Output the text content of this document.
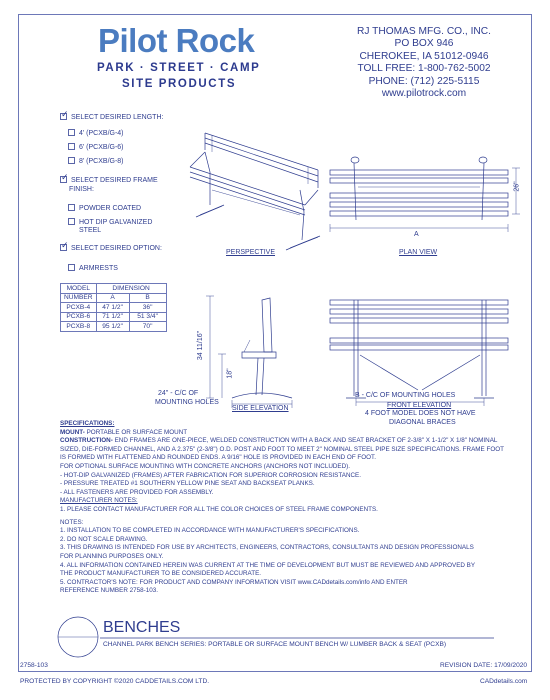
Pilot Rock
PARK · STREET · CAMP
SITE PRODUCTS
RJ THOMAS MFG. CO., INC.
PO BOX 946
CHEROKEE, IA 51012-0946
TOLL FREE: 1-800-762-5002
PHONE: (712) 225-5115
www.pilotrock.com
✓SELECT DESIRED LENGTH:
4' (PCXB/G-4)
6' (PCXB/G-6)
8' (PCXB/G-8)
✓SELECT DESIRED FRAME
FINISH:
POWDER COATED
HOT DIP GALVANIZED
STEEL
✓SELECT DESIRED OPTION:
ARMRESTS
MODEL	DIMENSION	
NUMBER	A	B
PCXB-4	47 1/2"	36"
PCXB-6	71 1/2"	51 3/4"
PCXB-8	95 1/2"	70"
PERSPECTIVE	PLAN VIEW
A
26"
34 11/16"
18"
24" - C/C OF
MOUNTING HOLES
SIDE ELEVATION
B - C/C OF MOUNTING HOLES
FRONT ELEVATION
4 FOOT MODEL DOES NOT HAVE
DIAGONAL BRACES
SPECIFICATIONS:
MOUNT- PORTABLE OR SURFACE MOUNT
CONSTRUCTION- END FRAMES ARE ONE-PIECE, WELDED CONSTRUCTION WITH A BACK AND SEAT BRACKET OF 2-3/8" X 1-1/2" X 1/8" NOMINAL
SIZED, DIE-FORMED CHANNEL, AND A 2.375" (2-3/8") O.D. POST AND FOOT TO MEET 2" NOMINAL STEEL PIPE SIZE SPECIFICATIONS. FRAME FOOT
IS FORMED WITH FLATTENED AND ROUNDED ENDS. A 9/16" HOLE IS PROVIDED IN EACH END OF FOOT.
FOR OPTIONAL SURFACE MOUNTING WITH CONCRETE ANCHORS (ANCHORS NOT INCLUDED).
- HOT-DIP GALVANIZED (FRAMES) AFTER FABRICATION FOR SUPERIOR CORROSION RESISTANCE.
- PRESSURE TREATED #1 SOUTHERN YELLOW PINE SEAT AND BACKSEAT PLANKS.
- ALL FASTENERS ARE PROVIDED FOR ASSEMBLY.
MANUFACTURER NOTES:
1. PLEASE CONTACT MANUFACTURER FOR ALL THE COLOR CHOICES OF STEEL FRAME COMPONENTS.
NOTES:
1. INSTALLATION TO BE COMPLETED IN ACCORDANCE WITH MANUFACTURER'S SPECIFICATIONS.
2. DO NOT SCALE DRAWING.
3. THIS DRAWING IS INTENDED FOR USE BY ARCHITECTS, ENGINEERS, CONTRACTORS, CONSULTANTS AND DESIGN PROFESSIONALS
FOR PLANNING PURPOSES ONLY.
4. ALL INFORMATION CONTAINED HEREIN WAS CURRENT AT THE TIME OF DEVELOPMENT BUT MUST BE REVIEWED AND APPROVED BY
THE PRODUCT MANUFACTURER TO BE CONSIDERED ACCURATE.
5. CONTRACTOR'S NOTE: FOR PRODUCT AND COMPANY INFORMATION VISIT www.CADdetails.com/info AND ENTER
REFERENCE NUMBER 2758-103.
BENCHES
CHANNEL PARK BENCH SERIES: PORTABLE OR SURFACE MOUNT BENCH W/ LUMBER BACK & SEAT (PCXB)
2758-103	REVISION DATE: 17/09/2020
PROTECTED BY COPYRIGHT ©2020 CADDETAILS.COM LTD.	CADdetails.com
